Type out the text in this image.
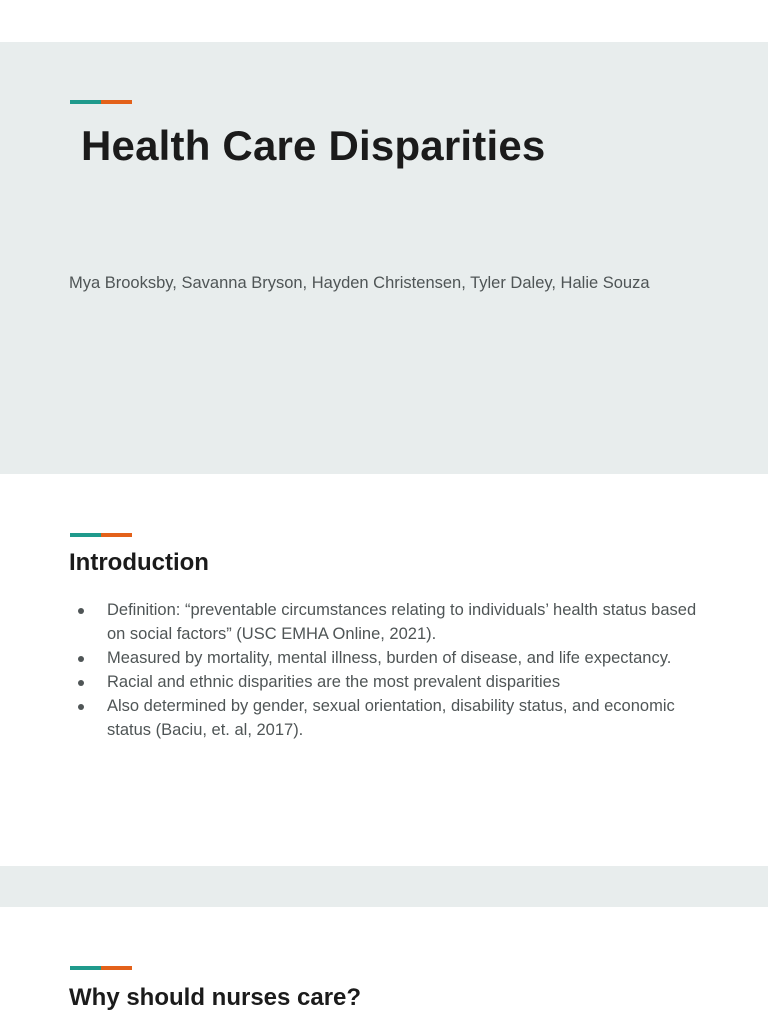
Health Care Disparities

Mya Brooksby, Savanna Bryson, Hayden Christensen, Tyler Daley, Halie Souza

Introduction
Definition: “preventable circumstances relating to individuals’ health status based on social factors” (USC EMHA Online, 2021).
Measured by mortality, mental illness, burden of disease, and life expectancy.
Racial and ethnic disparities are the most prevalent disparities
Also determined by gender, sexual orientation, disability status, and economic status (Baciu, et. al, 2017).
Why should nurses care?
